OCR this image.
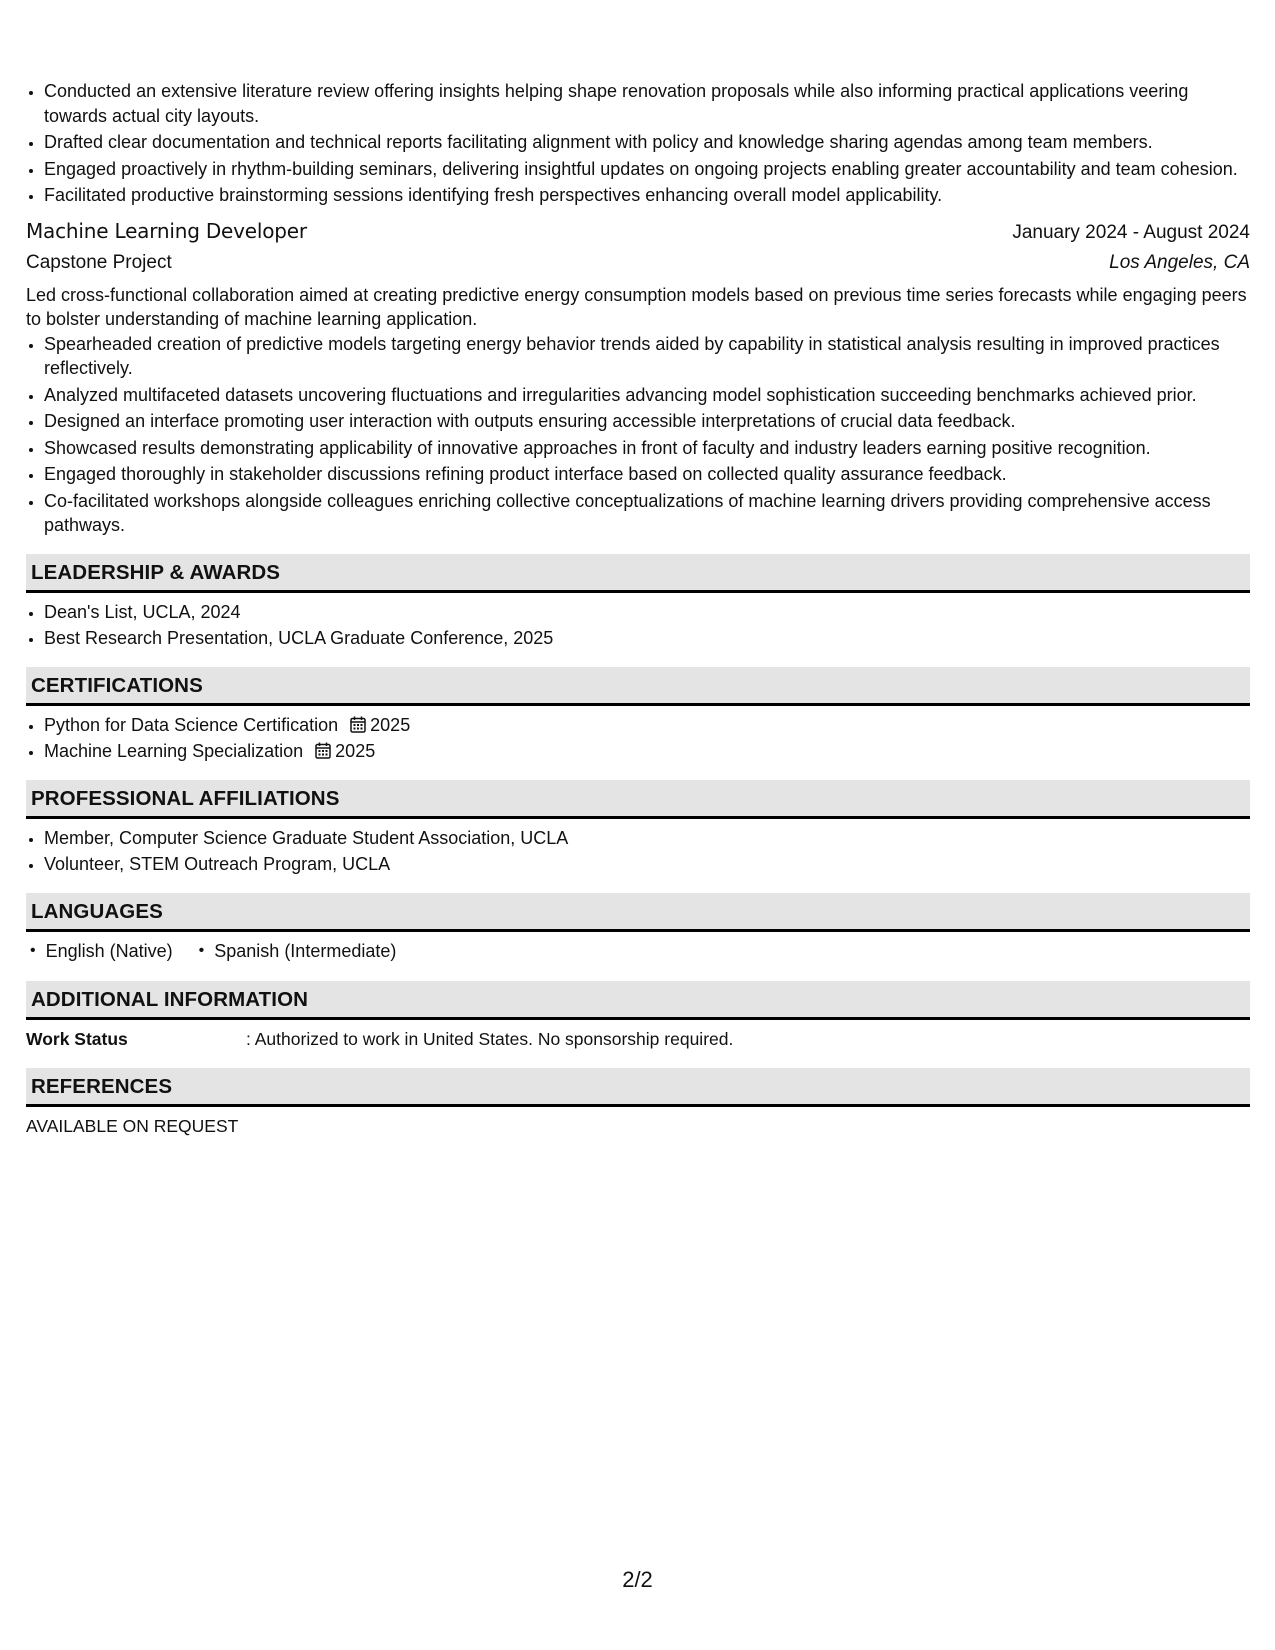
• Conducted an extensive literature review offering insights helping shape renovation proposals while also informing practical applications veering towards actual city layouts.
• Drafted clear documentation and technical reports facilitating alignment with policy and knowledge sharing agendas among team members.
• Engaged proactively in rhythm-building seminars, delivering insightful updates on ongoing projects enabling greater accountability and team cohesion.
• Facilitated productive brainstorming sessions identifying fresh perspectives enhancing overall model applicability.
Machine Learning Developer	January 2024 - August 2024
Capstone Project	Los Angeles, CA
Led cross-functional collaboration aimed at creating predictive energy consumption models based on previous time series forecasts while engaging peers to bolster understanding of machine learning application.
• Spearheaded creation of predictive models targeting energy behavior trends aided by capability in statistical analysis resulting in improved practices reflectively.
• Analyzed multifaceted datasets uncovering fluctuations and irregularities advancing model sophistication succeeding benchmarks achieved prior.
• Designed an interface promoting user interaction with outputs ensuring accessible interpretations of crucial data feedback.
• Showcased results demonstrating applicability of innovative approaches in front of faculty and industry leaders earning positive recognition.
• Engaged thoroughly in stakeholder discussions refining product interface based on collected quality assurance feedback.
• Co-facilitated workshops alongside colleagues enriching collective conceptualizations of machine learning drivers providing comprehensive access pathways.
LEADERSHIP & AWARDS
• Dean's List, UCLA, 2024
• Best Research Presentation, UCLA Graduate Conference, 2025
CERTIFICATIONS
• Python for Data Science Certification 2025
• Machine Learning Specialization 2025
PROFESSIONAL AFFILIATIONS
• Member, Computer Science Graduate Student Association, UCLA
• Volunteer, STEM Outreach Program, UCLA
LANGUAGES
• English (Native)
•	Spanish (Intermediate)
ADDITIONAL INFORMATION
Work Status	: Authorized to work in United States. No sponsorship required.
REFERENCES
AVAILABLE ON REQUEST
2/2
